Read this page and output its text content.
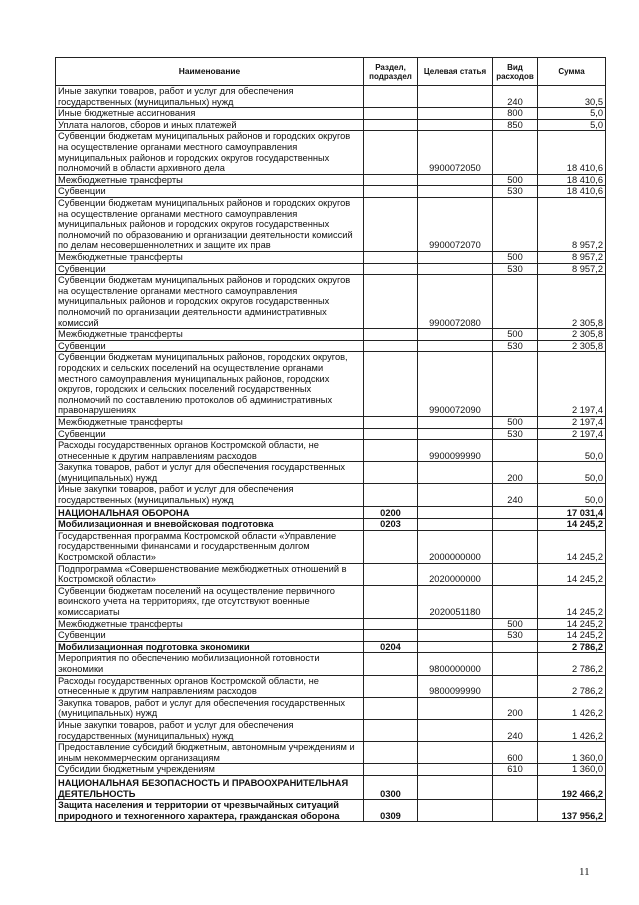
Наименование	Раздел, подраздел	Целевая статья	Вид расходов	Сумма
Иные закупки товаров, работ и услуг для обеспечения государственных (муниципальных) нужд			240	30,5
Иные бюджетные ассигнования			800	5,0
Уплата налогов, сборов и иных платежей			850	5,0
Субвенции бюджетам муниципальных районов и городских округов на осуществление органами местного самоуправления муниципальных районов и городских округов государственных полномочий в области архивного дела		9900072050		18 410,6
Межбюджетные трансферты			500	18 410,6
Субвенции			530	18 410,6
Субвенции бюджетам муниципальных районов и городских округов на осуществление органами местного самоуправления муниципальных районов и городских округов государственных полномочий по образованию и организации деятельности комиссий по делам несовершеннолетних и защите их прав		9900072070		8 957,2
Межбюджетные трансферты			500	8 957,2
Субвенции			530	8 957,2
Субвенции бюджетам муниципальных районов и городских округов на осуществление органами местного самоуправления муниципальных районов и городских округов государственных полномочий по организации деятельности административных комиссий		9900072080		2 305,8
Межбюджетные трансферты			500	2 305,8
Субвенции			530	2 305,8
Субвенции бюджетам муниципальных районов, городских округов, городских и сельских поселений на осуществление органами местного самоуправления муниципальных районов, городских округов, городских и сельских поселений государственных полномочий по составлению протоколов об административных правонарушениях		9900072090		2 197,4
Межбюджетные трансферты			500	2 197,4
Субвенции			530	2 197,4
Расходы государственных органов Костромской области, не отнесенные к другим направлениям расходов		9900099990		50,0
Закупка товаров, работ и услуг для обеспечения государственных (муниципальных) нужд			200	50,0
Иные закупки товаров, работ и услуг для обеспечения государственных (муниципальных) нужд			240	50,0
НАЦИОНАЛЬНАЯ ОБОРОНА	0200			17 031,4
Мобилизационная и вневойсковая подготовка	0203			14 245,2
Государственная программа Костромской области «Управление государственными финансами и государственным долгом Костромской области»		2000000000		14 245,2
Подпрограмма «Совершенствование межбюджетных отношений в Костромской области»		2020000000		14 245,2
Субвенции бюджетам поселений на осуществление первичного воинского учета на территориях, где отсутствуют военные комиссариаты		2020051180		14 245,2
Межбюджетные трансферты			500	14 245,2
Субвенции			530	14 245,2
Мобилизационная подготовка экономики	0204			2 786,2
Мероприятия по обеспечению мобилизационной готовности экономики		9800000000		2 786,2
Расходы государственных органов Костромской области, не отнесенные к другим направлениям расходов		9800099990		2 786,2
Закупка товаров, работ и услуг для обеспечения государственных (муниципальных) нужд			200	1 426,2
Иные закупки товаров, работ и услуг для обеспечения государственных (муниципальных) нужд			240	1 426,2
Предоставление субсидий бюджетным, автономным учреждениям и иным некоммерческим организациям			600	1 360,0
Субсидии бюджетным учреждениям			610	1 360,0
НАЦИОНАЛЬНАЯ БЕЗОПАСНОСТЬ И ПРАВООХРАНИТЕЛЬНАЯ ДЕЯТЕЛЬНОСТЬ	0300			192 466,2
Защита населения и территории от чрезвычайных ситуаций природного и техногенного характера, гражданская оборона	0309			137 956,2
11
